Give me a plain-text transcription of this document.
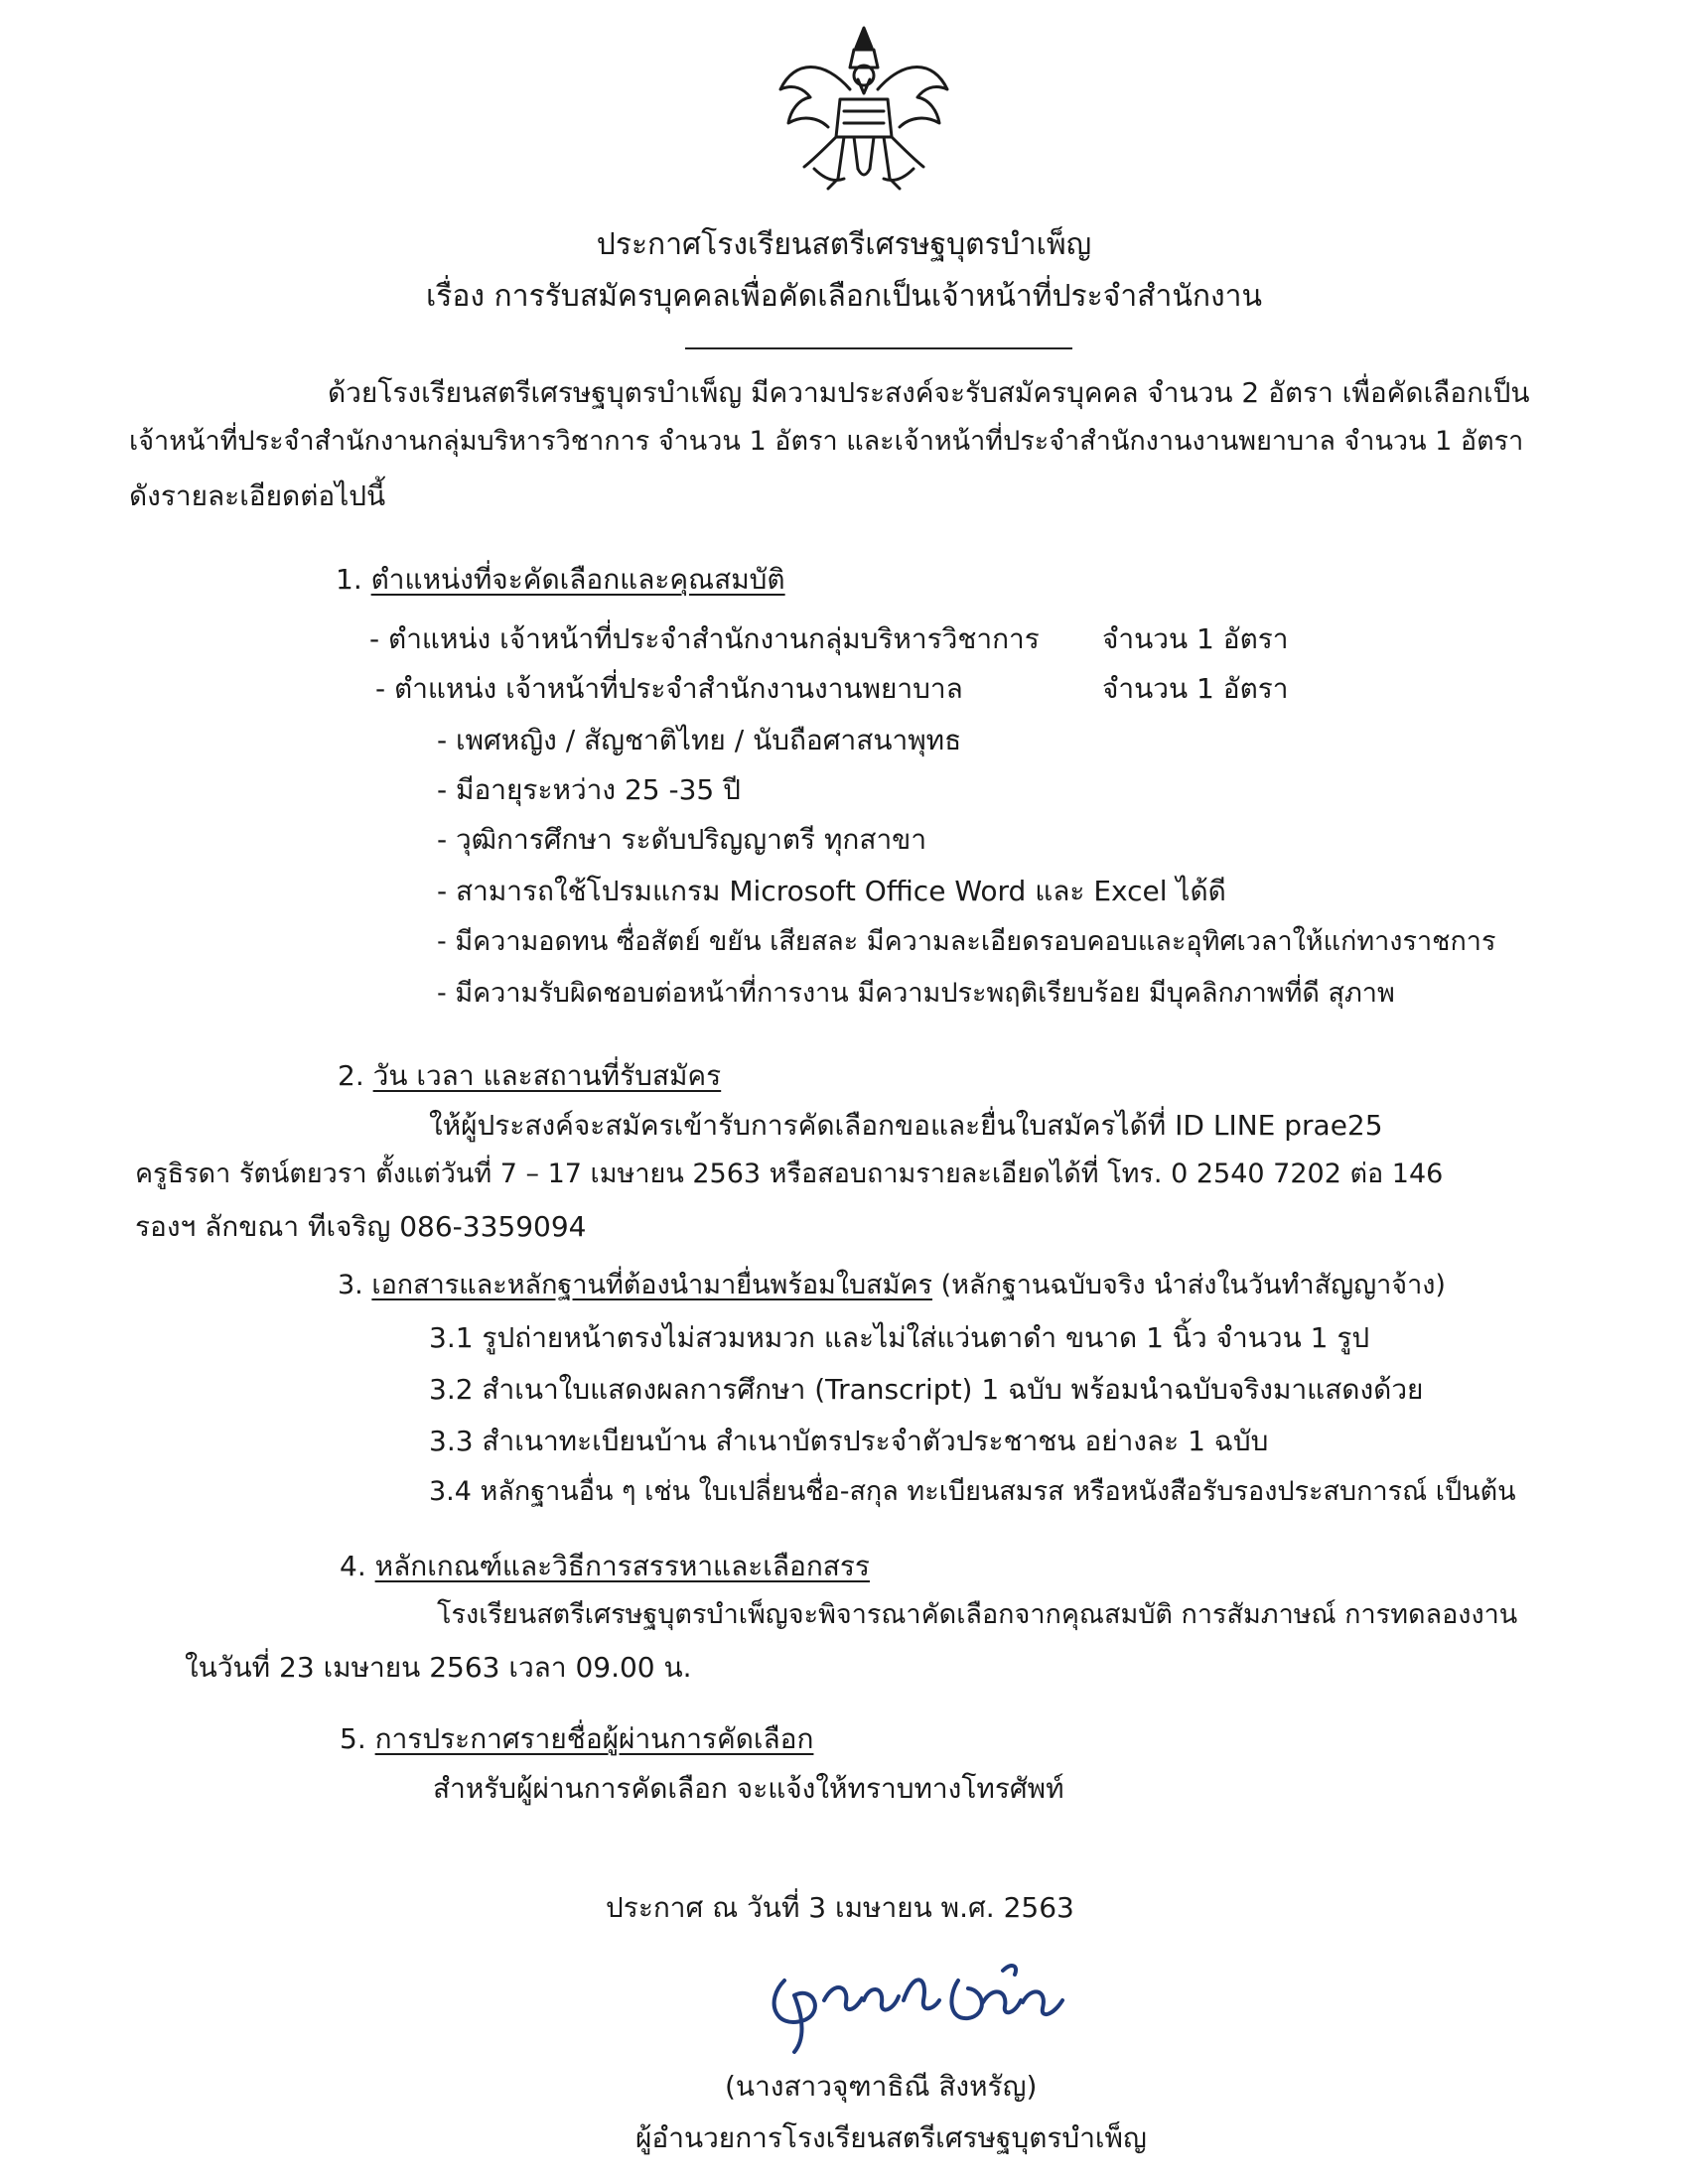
ประกาศโรงเรียนสตรีเศรษฐบุตรบำเพ็ญ
เรื่อง การรับสมัครบุคคลเพื่อคัดเลือกเป็นเจ้าหน้าที่ประจำสำนักงาน
ด้วยโรงเรียนสตรีเศรษฐบุตรบำเพ็ญ มีความประสงค์จะรับสมัครบุคคล จำนวน 2 อัตรา เพื่อคัดเลือกเป็น
เจ้าหน้าที่ประจำสำนักงานกลุ่มบริหารวิชาการ จำนวน 1 อัตรา และเจ้าหน้าที่ประจำสำนักงานงานพยาบาล จำนวน 1 อัตรา
ดังรายละเอียดต่อไปนี้
1. ตำแหน่งที่จะคัดเลือกและคุณสมบัติ
- ตำแหน่ง เจ้าหน้าที่ประจำสำนักงานกลุ่มบริหารวิชาการ จำนวน 1 อัตรา
- ตำแหน่ง เจ้าหน้าที่ประจำสำนักงานงานพยาบาล	จำนวน 1 อัตรา
- เพศหญิง / สัญชาติไทย / นับถือศาสนาพุทธ
- มีอายุระหว่าง 25 -35 ปี
- วุฒิการศึกษา ระดับปริญญาตรี ทุกสาขา
- สามารถใช้โปรมแกรม Microsoft Office Word และ Excel ได้ดี
- มีความอดทน ซื่อสัตย์ ขยัน เสียสละ มีความละเอียดรอบคอบและอุทิศเวลาให้แก่ทางราชการ
- มีความรับผิดชอบต่อหน้าที่การงาน มีความประพฤติเรียบร้อย มีบุคลิกภาพที่ดี สุภาพ
2. วัน เวลา และสถานที่รับสมัคร
ให้ผู้ประสงค์จะสมัครเข้ารับการคัดเลือกขอและยื่นใบสมัครได้ที่ ID LINE prae25
ครูธิรดา รัตน์ตยวรา ตั้งแต่วันที่ 7 – 17 เมษายน 2563 หรือสอบถามรายละเอียดได้ที่ โทร. 0 2540 7202 ต่อ 146
รองฯ ลักขณา ทีเจริญ 086-3359094
3. เอกสารและหลักฐานที่ต้องนำมายื่นพร้อมใบสมัคร (หลักฐานฉบับจริง นำส่งในวันทำสัญญาจ้าง)
3.1 รูปถ่ายหน้าตรงไม่สวมหมวก และไม่ใส่แว่นตาดำ ขนาด 1 นิ้ว จำนวน 1 รูป
3.2 สำเนาใบแสดงผลการศึกษา (Transcript) 1 ฉบับ พร้อมนำฉบับจริงมาแสดงด้วย
3.3 สำเนาทะเบียนบ้าน สำเนาบัตรประจำตัวประชาชน อย่างละ 1 ฉบับ
3.4 หลักฐานอื่น ๆ เช่น ใบเปลี่ยนชื่อ-สกุล ทะเบียนสมรส หรือหนังสือรับรองประสบการณ์ เป็นต้น
4. หลักเกณฑ์และวิธีการสรรหาและเลือกสรร
โรงเรียนสตรีเศรษฐบุตรบำเพ็ญจะพิจารณาคัดเลือกจากคุณสมบัติ การสัมภาษณ์ การทดลองงาน
ในวันที่ 23 เมษายน 2563 เวลา 09.00 น.
5. การประกาศรายชื่อผู้ผ่านการคัดเลือก
สำหรับผู้ผ่านการคัดเลือก จะแจ้งให้ทราบทางโทรศัพท์
ประกาศ ณ วันที่ 3 เมษายน พ.ศ. 2563
(นางสาวจุฑาธิณี สิงหรัญ)
ผู้อำนวยการโรงเรียนสตรีเศรษฐบุตรบำเพ็ญ
